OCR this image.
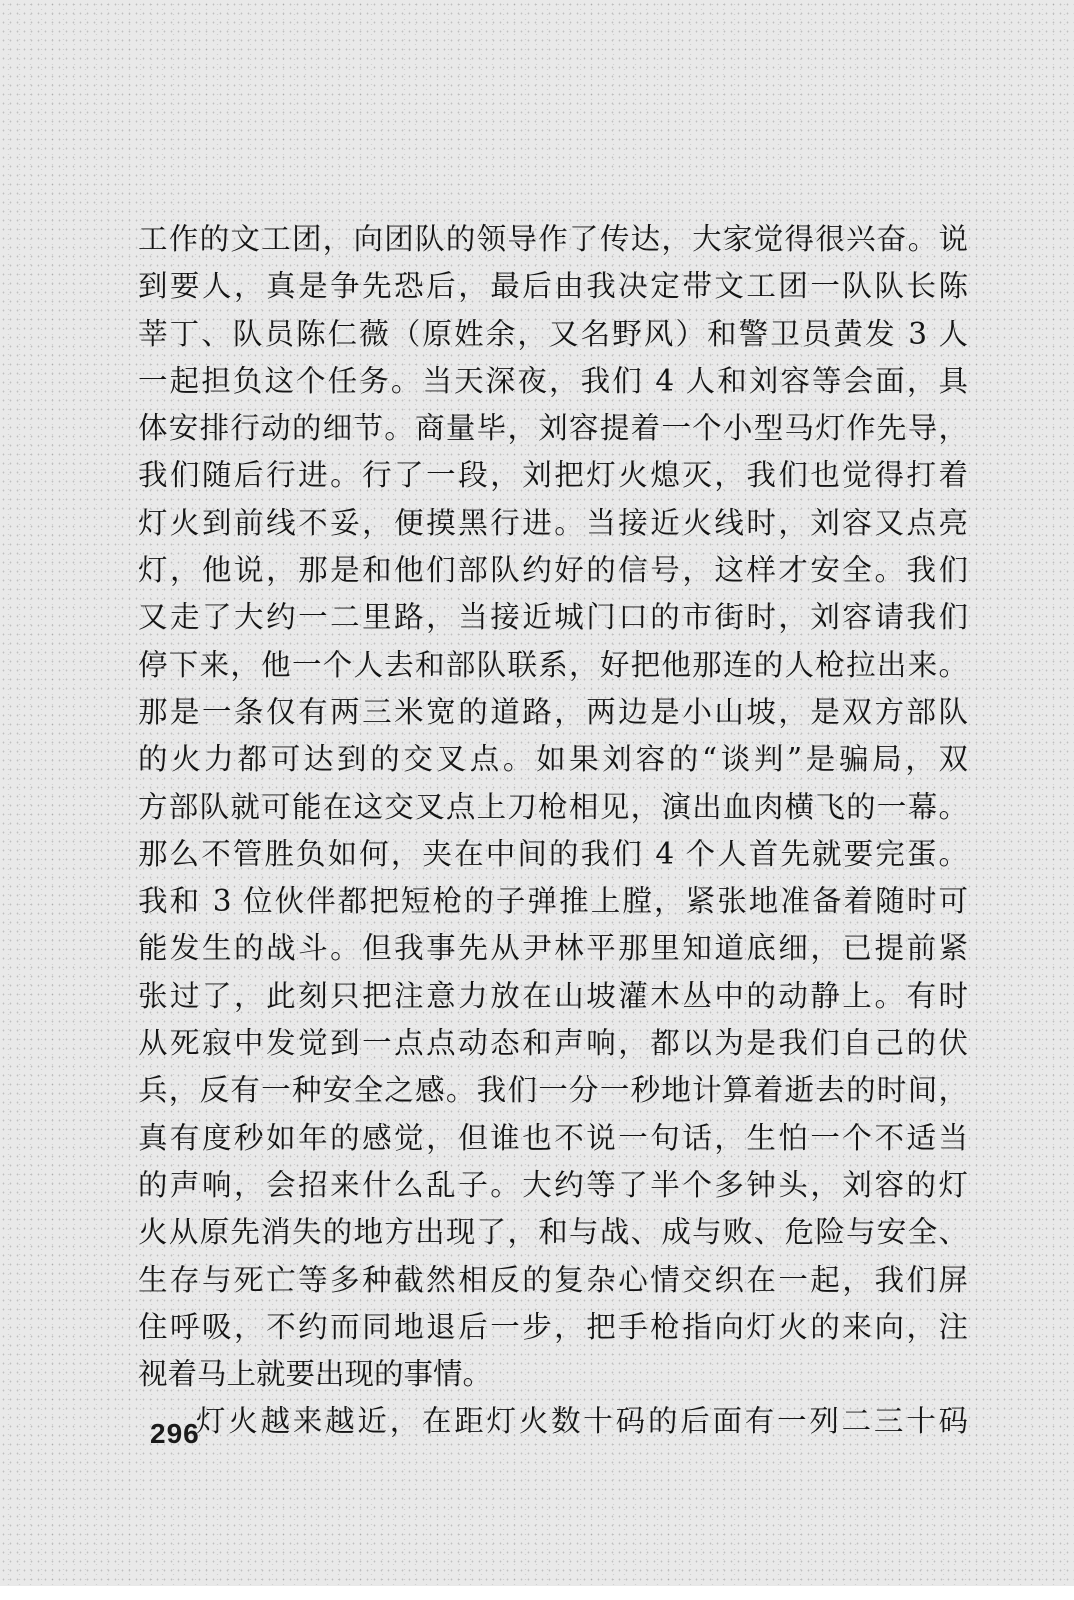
工作的文工团，向团队的领导作了传达，大家觉得很兴奋。说
到要人，真是争先恐后，最后由我决定带文工团一队队长陈
莘丁、队员陈仁薇（原姓余，又名野风）和警卫员黄发 3 人
一起担负这个任务。当天深夜，我们 4 人和刘容等会面，具
体安排行动的细节。商量毕，刘容提着一个小型马灯作先导，
我们随后行进。行了一段，刘把灯火熄灭，我们也觉得打着
灯火到前线不妥，便摸黑行进。当接近火线时，刘容又点亮
灯，他说，那是和他们部队约好的信号，这样才安全。我们
又走了大约一二里路，当接近城门口的市街时，刘容请我们
停下来，他一个人去和部队联系，好把他那连的人枪拉出来。
那是一条仅有两三米宽的道路，两边是小山坡，是双方部队
的火力都可达到的交叉点。如果刘容的“谈判”是骗局，双
方部队就可能在这交叉点上刀枪相见，演出血肉横飞的一幕。
那么不管胜负如何，夹在中间的我们 4 个人首先就要完蛋。
我和 3 位伙伴都把短枪的子弹推上膛，紧张地准备着随时可
能发生的战斗。但我事先从尹林平那里知道底细，已提前紧
张过了，此刻只把注意力放在山坡灌木丛中的动静上。有时
从死寂中发觉到一点点动态和声响，都以为是我们自己的伏
兵，反有一种安全之感。我们一分一秒地计算着逝去的时间，
真有度秒如年的感觉，但谁也不说一句话，生怕一个不适当
的声响，会招来什么乱子。大约等了半个多钟头，刘容的灯
火从原先消失的地方出现了，和与战、成与败、危险与安全、
生存与死亡等多种截然相反的复杂心情交织在一起，我们屏
住呼吸，不约而同地退后一步，把手枪指向灯火的来向，注
视着马上就要出现的事情。
灯火越来越近，在距灯火数十码的后面有一列二三十码

296
